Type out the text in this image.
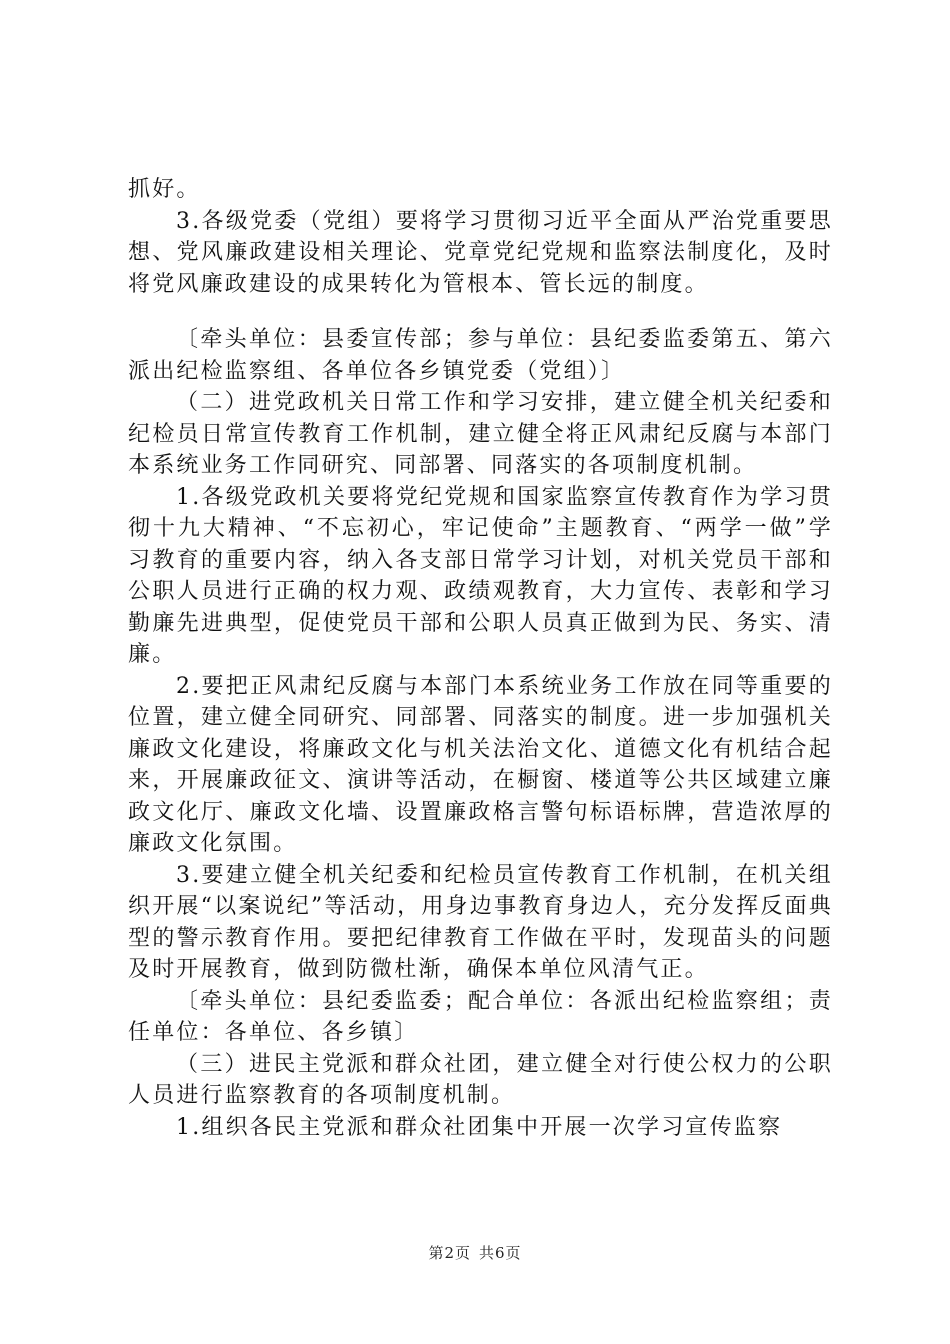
抓好。

3.各级党委（党组）要将学习贯彻习近平全面从严治党重要思想、党风廉政建设相关理论、党章党纪党规和监察法制度化，及时将党风廉政建设的成果转化为管根本、管长远的制度。

〔牵头单位：县委宣传部；参与单位：县纪委监委第五、第六派出纪检监察组、各单位各乡镇党委（党组）〕

（二）进党政机关日常工作和学习安排，建立健全机关纪委和纪检员日常宣传教育工作机制，建立健全将正风肃纪反腐与本部门本系统业务工作同研究、同部署、同落实的各项制度机制。

1.各级党政机关要将党纪党规和国家监察宣传教育作为学习贯彻十九大精神、“不忘初心，牢记使命”主题教育、“两学一做”学习教育的重要内容，纳入各支部日常学习计划，对机关党员干部和公职人员进行正确的权力观、政绩观教育，大力宣传、表彰和学习勤廉先进典型，促使党员干部和公职人员真正做到为民、务实、清廉。

2.要把正风肃纪反腐与本部门本系统业务工作放在同等重要的位置，建立健全同研究、同部署、同落实的制度。进一步加强机关廉政文化建设，将廉政文化与机关法治文化、道德文化有机结合起来，开展廉政征文、演讲等活动，在橱窗、楼道等公共区域建立廉政文化厅、廉政文化墙、设置廉政格言警句标语标牌，营造浓厚的廉政文化氛围。

3.要建立健全机关纪委和纪检员宣传教育工作机制，在机关组织开展“以案说纪”等活动，用身边事教育身边人，充分发挥反面典型的警示教育作用。要把纪律教育工作做在平时，发现苗头的问题及时开展教育，做到防微杜渐，确保本单位风清气正。

〔牵头单位：县纪委监委；配合单位：各派出纪检监察组；责任单位：各单位、各乡镇〕

（三）进民主党派和群众社团，建立健全对行使公权力的公职人员进行监察教育的各项制度机制。

1.组织各民主党派和群众社团集中开展一次学习宣传监察

第2页 共6页
